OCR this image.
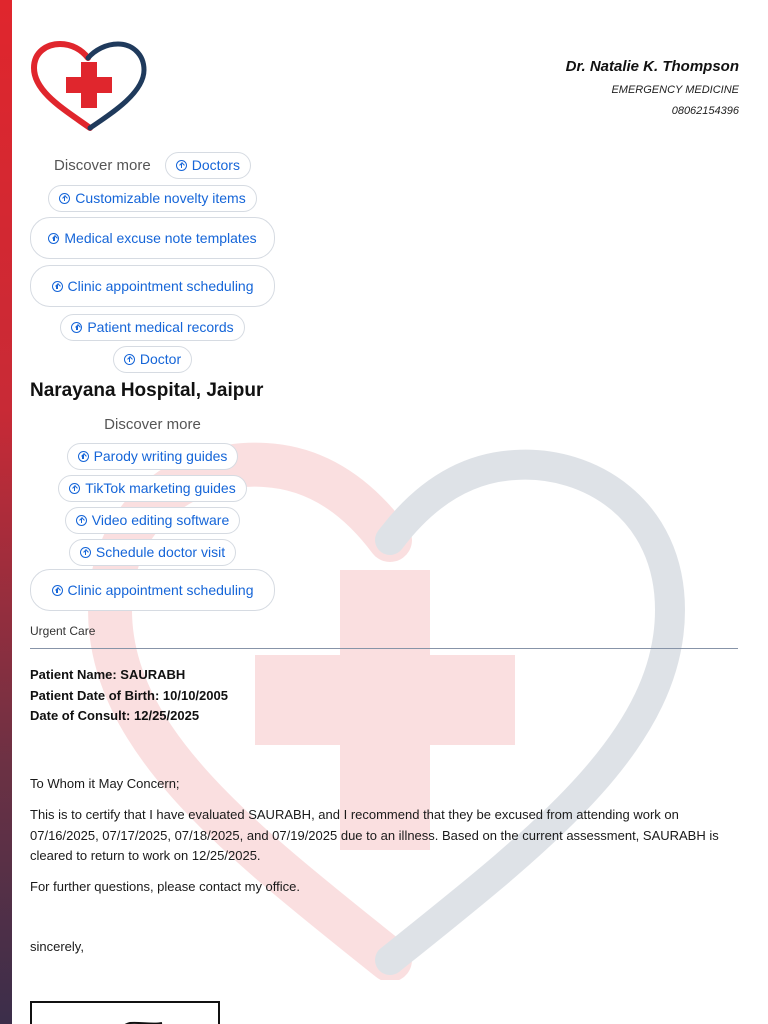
Dr. Natalie K. Thompson
EMERGENCY MEDICINE
08062154396
Discover more	Doctors
Customizable novelty items
Medical excuse note templates
Clinic appointment scheduling
Patient medical records
Doctor
Narayana Hospital, Jaipur
Discover more
Parody writing guides
TikTok marketing guides
Video editing software
Schedule doctor visit
Clinic appointment scheduling
Urgent Care
Patient Name: SAURABH
Patient Date of Birth: 10/10/2005
Date of Consult: 12/25/2025
To Whom it May Concern;
This is to certify that I have evaluated SAURABH, and I recommend that they be excused from attending work on 07/16/2025, 07/17/2025, 07/18/2025, and 07/19/2025 due to an illness. Based on the current assessment, SAURABH is cleared to return to work on 12/25/2025.
For further questions, please contact my office.
sincerely,
